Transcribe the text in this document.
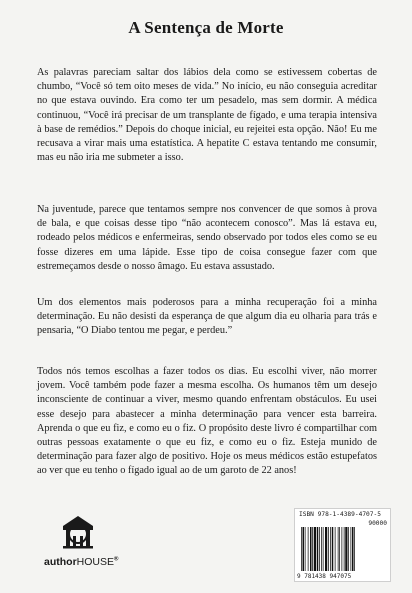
A Sentença de Morte

As palavras pareciam saltar dos lábios dela como se estivessem cobertas de chumbo, “Você só tem oito meses de vida.” No início, eu não conseguia acreditar no que estava ouvindo. Era como ter um pesadelo, mas sem dormir. A médica continuou, “Você irá precisar de um transplante de fígado, e uma terapia intensiva à base de remédios.” Depois do choque inicial, eu rejeitei esta opção. Não! Eu me recusava a virar mais uma estatística. A hepatite C estava tentando me consumir, mas eu não iria me submeter a isso.

Na juventude, parece que tentamos sempre nos convencer de que somos à prova de bala, e que coisas desse tipo “não acontecem conosco”. Mas lá estava eu, rodeado pelos médicos e enfermeiras, sendo observado por todos eles como se eu fosse dizeres em uma lápide. Esse tipo de coisa consegue fazer com que estremeçamos desde o nosso âmago. Eu estava assustado.

Um dos elementos mais poderosos para a minha recuperação foi a minha determinação. Eu não desisti da esperança de que algum dia eu olharia para trás e pensaria, “O Diabo tentou me pegar, e perdeu.”

Todos nós temos escolhas a fazer todos os dias. Eu escolhi viver, não morrer jovem. Você também pode fazer a mesma escolha. Os humanos têm um desejo inconsciente de continuar a viver, mesmo quando enfrentam obstáculos. Eu usei esse desejo para abastecer a minha determinação para vencer esta barreira. Aprenda o que eu fiz, e como eu o fiz. O propósito deste livro é compartilhar com outras pessoas exatamente o que eu fiz, e como eu o fiz. Esteja munido de determinação para fazer algo de positivo. Hoje os meus médicos estão estupefatos ao ver que eu tenho o fígado igual ao de um garoto de 22 anos!

authorHOUSE®
ISBN 978-1-4389-4707-5
90000
9 781438 947075
